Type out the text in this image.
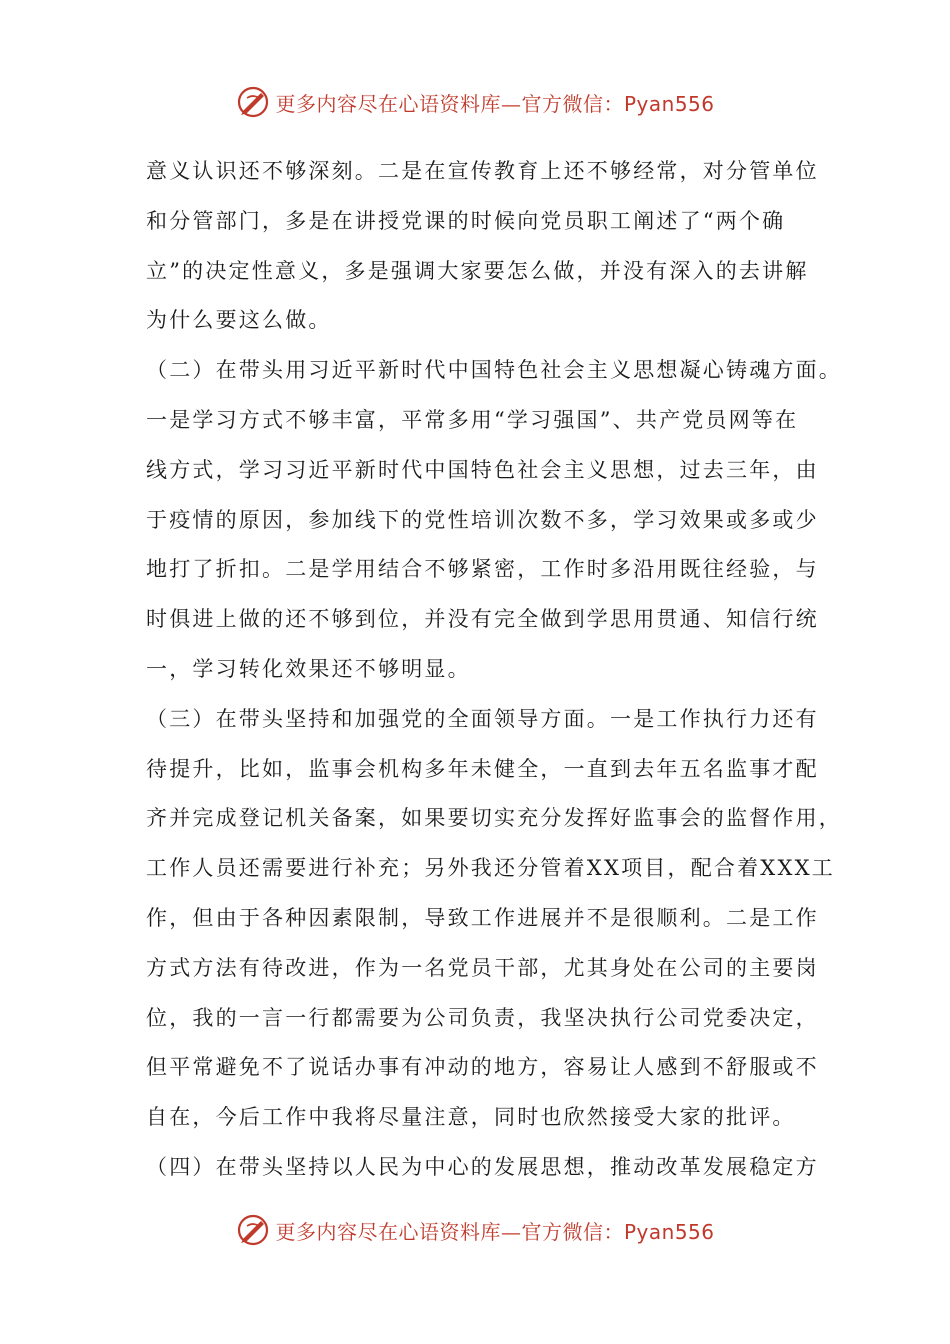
更多内容尽在心语资料库—官方微信：Pyan556
意义认识还不够深刻。二是在宣传教育上还不够经常，对分管单位
和分管部门，多是在讲授党课的时候向党员职工阐述了“两个确
立”的决定性意义，多是强调大家要怎么做，并没有深入的去讲解
为什么要这么做。
（二）在带头用习近平新时代中国特色社会主义思想凝心铸魂方面。
一是学习方式不够丰富，平常多用“学习强国”、共产党员网等在
线方式，学习习近平新时代中国特色社会主义思想，过去三年，由
于疫情的原因，参加线下的党性培训次数不多，学习效果或多或少
地打了折扣。二是学用结合不够紧密，工作时多沿用既往经验，与
时俱进上做的还不够到位，并没有完全做到学思用贯通、知信行统
一，学习转化效果还不够明显。
（三）在带头坚持和加强党的全面领导方面。一是工作执行力还有
待提升，比如，监事会机构多年未健全，一直到去年五名监事才配
齐并完成登记机关备案，如果要切实充分发挥好监事会的监督作用，
工作人员还需要进行补充；另外我还分管着XX项目，配合着XXX工
作，但由于各种因素限制，导致工作进展并不是很顺利。二是工作
方式方法有待改进，作为一名党员干部，尤其身处在公司的主要岗
位，我的一言一行都需要为公司负责，我坚决执行公司党委决定，
但平常避免不了说话办事有冲动的地方，容易让人感到不舒服或不
自在，今后工作中我将尽量注意，同时也欣然接受大家的批评。
（四）在带头坚持以人民为中心的发展思想，推动改革发展稳定方
更多内容尽在心语资料库—官方微信：Pyan556
